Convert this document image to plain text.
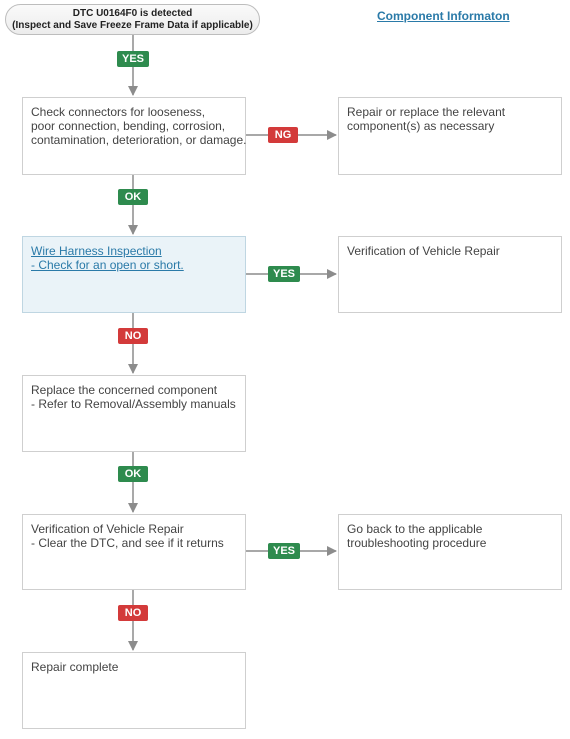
DTC U0164F0 is detected
(Inspect and Save Freeze Frame Data if applicable)
Component Informaton
Check connectors for looseness,
poor connection, bending, corrosion,
contamination, deterioration, or damage.
Wire Harness Inspection
- Check for an open or short.
Replace the concerned component
- Refer to Removal/Assembly manuals
Verification of Vehicle Repair
- Clear the DTC, and see if it returns
Repair complete
Repair or replace the relevant
component(s) as necessary
Verification of Vehicle Repair
Go back to the applicable
troubleshooting procedure
YES
NG
OK
YES
NO
OK
YES
NO
